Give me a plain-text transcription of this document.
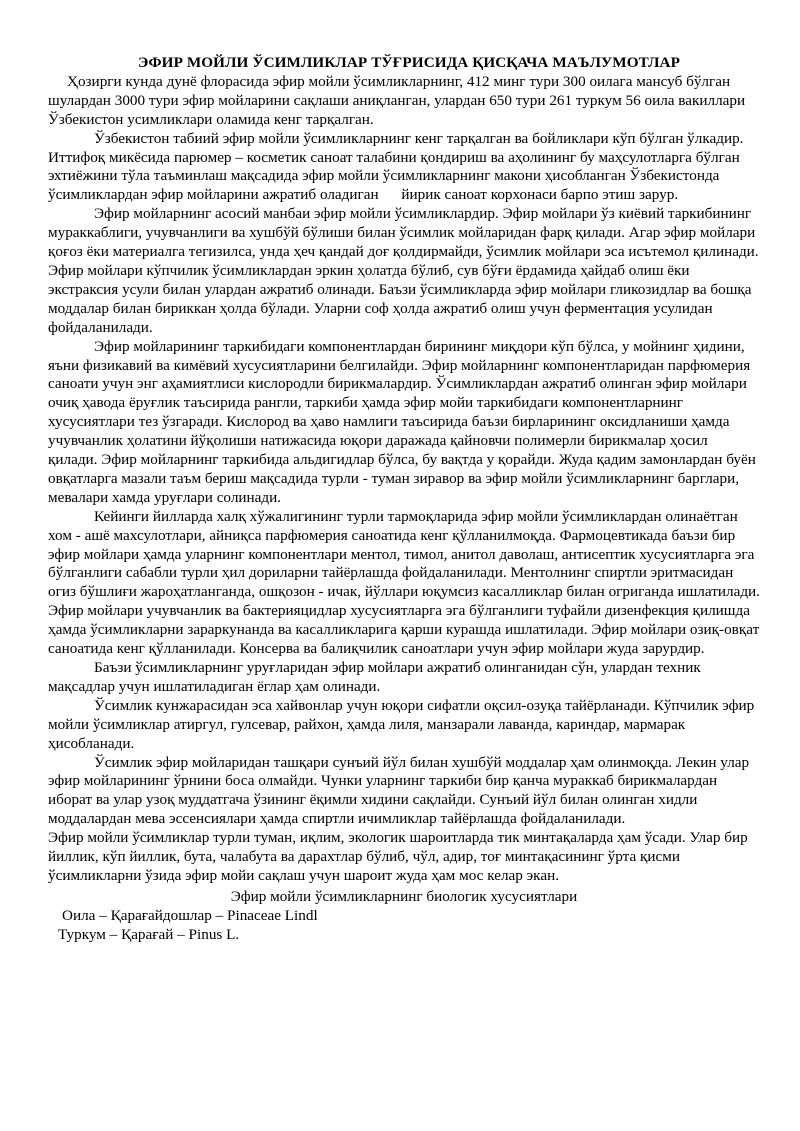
ЭФИР МОЙЛИ ЎСИМЛИКЛАР ТЎҒРИСИДА ҚИСҚАЧА МАЪЛУМОТЛАР

Ҳозирги кунда дунё флорасида эфир мойли ўсимликларнинг, 412 минг тури 300 оилага мансуб бўлган шулардан 3000 тури эфир мойларини сақлаши аниқланган, улардан 650 тури 261 туркум 56 оила вакиллари Ўзбекистон усимликлари оламида кенг тарқалган.

Ўзбекистон табиий эфир мойли ўсимликларнинг кенг тарқалган ва бойликлари кўп бўлган ўлкадир. Иттифоқ микёсида парюмер – косметик саноат талабини қондириш ва аҳолининг бу маҳсулотларга бўлган эхтиёжини тўла таъминлаш мақсадида эфир мойли ўсимликларнинг макони ҳисобланган Ўзбекистонда ўсимликлардан эфир мойларини ажратиб оладиган      йирик саноат корхонаси барпо этиш зарур.

Эфир мойларнинг асосий манбаи эфир мойли ўсимликлардир. Эфир мойлари ўз киёвий таркибининг мураккаблиги, учувчанлиги ва хушбўй бўлиши билан ўсимлик мойларидан фарқ қилади. Агар эфир мойлари қоғоз ёки материалга тегизилса, унда ҳеч қандай доғ қолдирмайди, ўсимлик мойлари эса исътемол қилинади. Эфир мойлари кўпчилик ўсимликлардан эркин ҳолатда бўлиб, сув бўғи ёрдамида ҳайдаб олиш ёки экстраксия усули билан улардан ажратиб олинади. Баъзи ўсимликларда эфир мойлари гликозидлар ва бошқа моддалар билан бириккан ҳолда бўлади. Уларни соф ҳолда ажратиб олиш учун ферментация усулидан фойдаланилади.

Эфир мойларининг таркибидаги компонентлардан бирининг миқдори кўп бўлса, у мойнинг ҳидини, яъни физикавий ва кимёвий хусусиятларини белгилайди. Эфир мойларнинг компонентларидан парфюмерия саноати учун энг аҳамиятлиси кислородли бирикмалардир. Ўсимликлардан ажратиб олинган эфир мойлари очиқ ҳавода ёруғлик таъсирида рангли, таркиби ҳамда эфир мойи таркибидаги компонентларнинг хусусиятлари тез ўзгаради. Кислород ва ҳаво намлиги таъсирида баъзи бирларининг оксидланиши ҳамда учувчанлик ҳолатини йўқолиши натижасида юқори даражада қайновчи полимерли бирикмалар ҳосил қилади. Эфир мойларнинг таркибида альдигидлар бўлса, бу вақтда у қорайди. Жуда қадим замонлардан буён овқатларга мазали таъм бериш мақсадида турли - туман зиравор ва эфир мойли ўсимликларнинг барглари, мевалари хамда уруғлари солинади.

Кейинги йилларда халқ хўжалигининг турли тармоқларида эфир мойли ўсимликлардан олинаётган хом - ашё махсулотлари, айниқса парфюмерия саноатида кенг қўлланилмоқда. Фармоцевтикада баъзи бир эфир мойлари ҳамда уларнинг компонентлари ментол, тимол, анитол даволаш, антисептик хусусиятларга эга бўлганлиги сабабли турли ҳил дориларни тайёрлашда фойдаланилади. Ментолнинг спиртли эритмасидан огиз бўшлиғи жароҳатланганда, ошқозон - ичак, йўллари юқумсиз касалликлар билан огриганда ишлатилади. Эфир мойлари учувчанлик ва бактерияцидлар хусусиятларга эга бўлганлиги туфайли дизенфекция қилишда ҳамда ўсимликларни зараркунанда ва касалликларига қарши курашда ишлатилади. Эфир мойлари озиқ-овқат саноатида кенг қўлланилади. Консерва ва балиқчилик саноатлари учун эфир мойлари жуда зарурдир.

Баъзи ўсимликларнинг уруғларидан эфир мойлари ажратиб олинганидан сўн, улардан техник мақсадлар учун ишлатиладиган ёглар ҳам олинади.

Ўсимлик кунжарасидан эса хайвонлар учун юқори сифатли оқсил-озуқа тайёрланади. Кўпчилик эфир мойли ўсимликлар атиргул, гулсевар, райхон, ҳамда лиля, манзарали лаванда, кариндар, мармарак ҳисобланади.

Ўсимлик эфир мойларидан ташқари сунъий йўл билан хушбўй моддалар ҳам олинмоқда. Лекин улар эфир мойларининг ўрнини боса олмайди. Чунки уларнинг таркиби бир қанча мураккаб бирикмалардан иборат ва улар узоқ муддатгача ўзининг ёқимли хидини сақлайди. Сунъий йўл билан олинган хидли моддалардан мева эссенсиялари ҳамда спиртли ичимликлар тайёрлашда фойдаланилади.

Эфир мойли ўсимликлар турли туман, иқлим, экологик шароитларда тик минтақаларда ҳам ўсади. Улар бир йиллик, кўп йиллик, бута, чалабута ва дарахтлар бўлиб, чўл, адир, тоғ минтақасининг ўрта қисми ўсимликларни ўзида эфир мойи сақлаш учун шароит жуда ҳам мос келар экан.

Эфир мойли ўсимликларнинг биологик хусусиятлари
Оила – Қарағайдошлар – Pinaceae Lindl
Туркум – Қарағай – Pinus L.
